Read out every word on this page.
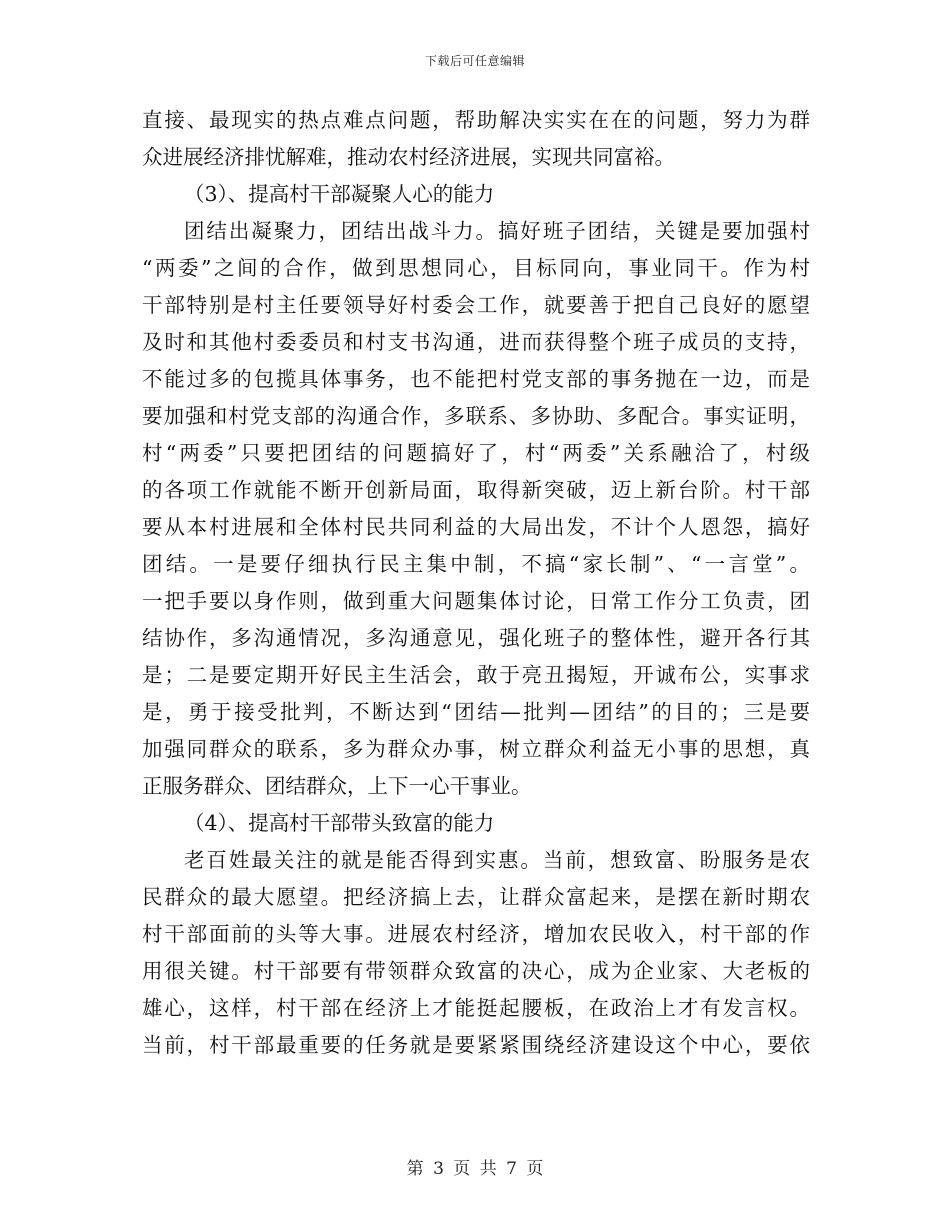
下载后可任意编辑
直接、最现实的热点难点问题，帮助解决实实在在的问题，努力为群
众进展经济排忧解难，推动农村经济进展，实现共同富裕。
（3）、提高村干部凝聚人心的能力
团结出凝聚力，团结出战斗力。搞好班子团结，关键是要加强村
“两委”之间的合作，做到思想同心，目标同向，事业同干。作为村
干部特别是村主任要领导好村委会工作，就要善于把自己良好的愿望
及时和其他村委委员和村支书沟通，进而获得整个班子成员的支持，
不能过多的包揽具体事务，也不能把村党支部的事务抛在一边，而是
要加强和村党支部的沟通合作，多联系、多协助、多配合。事实证明，
村“两委”只要把团结的问题搞好了，村“两委”关系融洽了，村级
的各项工作就能不断开创新局面，取得新突破，迈上新台阶。村干部
要从本村进展和全体村民共同利益的大局出发，不计个人恩怨，搞好
团结。一是要仔细执行民主集中制，不搞“家长制”、“一言堂”。
一把手要以身作则，做到重大问题集体讨论，日常工作分工负责，团
结协作，多沟通情况，多沟通意见，强化班子的整体性，避开各行其
是；二是要定期开好民主生活会，敢于亮丑揭短，开诚布公，实事求
是，勇于接受批判，不断达到“团结—批判—团结”的目的；三是要
加强同群众的联系，多为群众办事，树立群众利益无小事的思想，真
正服务群众、团结群众，上下一心干事业。
（4）、提高村干部带头致富的能力
老百姓最关注的就是能否得到实惠。当前，想致富、盼服务是农
民群众的最大愿望。把经济搞上去，让群众富起来，是摆在新时期农
村干部面前的头等大事。进展农村经济，增加农民收入，村干部的作
用很关键。村干部要有带领群众致富的决心，成为企业家、大老板的
雄心，这样，村干部在经济上才能挺起腰板，在政治上才有发言权。
当前，村干部最重要的任务就是要紧紧围绕经济建设这个中心，要依
第 3 页 共 7 页
